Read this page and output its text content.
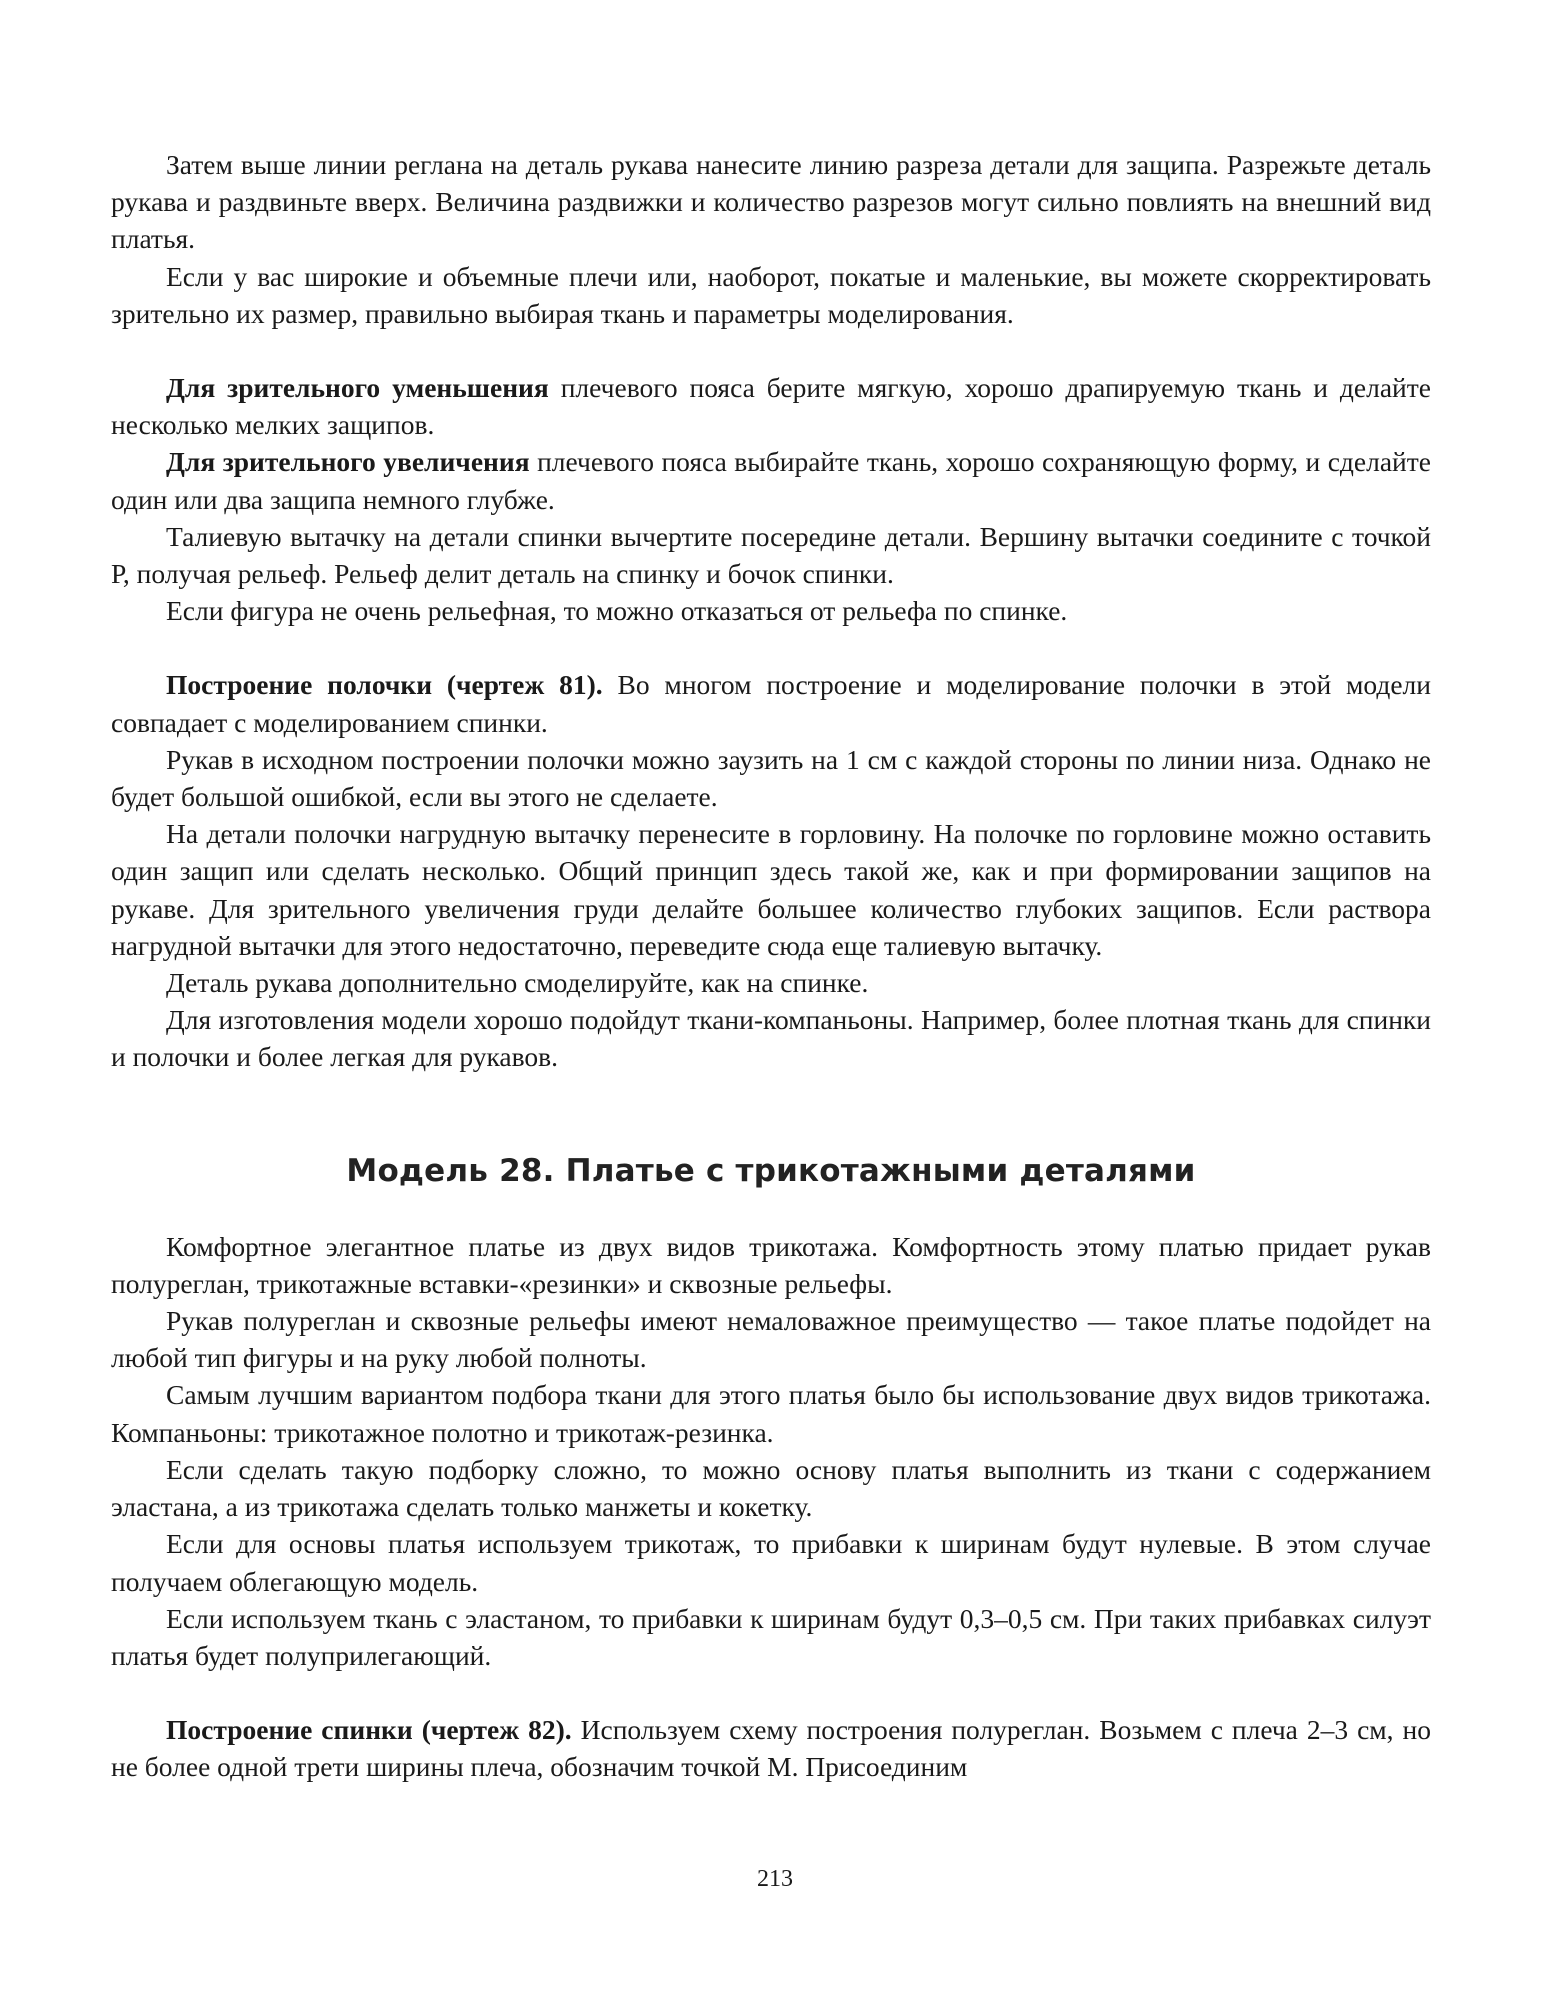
Затем выше линии реглана на деталь рукава нанесите линию разреза детали для защипа. Разрежьте деталь рукава и раздвиньте вверх. Величина раздвижки и количество разрезов могут сильно повлиять на внешний вид платья.

Если у вас широкие и объемные плечи или, наоборот, покатые и маленькие, вы можете скорректировать зрительно их размер, правильно выбирая ткань и параметры моделирования.

Для зрительного уменьшения плечевого пояса берите мягкую, хорошо драпируемую ткань и делайте несколько мелких защипов.

Для зрительного увеличения плечевого пояса выбирайте ткань, хорошо сохраняющую форму, и сделайте один или два защипа немного глубже.

Талиевую вытачку на детали спинки вычертите посередине детали. Вершину вытачки соедините с точкой Р, получая рельеф. Рельеф делит деталь на спинку и бочок спинки.

Если фигура не очень рельефная, то можно отказаться от рельефа по спинке.

Построение полочки (чертеж 81). Во многом построение и моделирование полочки в этой модели совпадает с моделированием спинки.

Рукав в исходном построении полочки можно заузить на 1 см с каждой стороны по линии низа. Однако не будет большой ошибкой, если вы этого не сделаете.

На детали полочки нагрудную вытачку перенесите в горловину. На полочке по горловине можно оставить один защип или сделать несколько. Общий принцип здесь такой же, как и при формировании защипов на рукаве. Для зрительного увеличения груди делайте большее количество глубоких защипов. Если раствора нагрудной вытачки для этого недостаточно, переведите сюда еще талиевую вытачку.

Деталь рукава дополнительно смоделируйте, как на спинке.

Для изготовления модели хорошо подойдут ткани-компаньоны. Например, более плотная ткань для спинки и полочки и более легкая для рукавов.

Модель 28. Платье с трикотажными деталями

Комфортное элегантное платье из двух видов трикотажа. Комфортность этому платью придает рукав полуреглан, трикотажные вставки-«резинки» и сквозные рельефы.

Рукав полуреглан и сквозные рельефы имеют немаловажное преимущество — такое платье подойдет на любой тип фигуры и на руку любой полноты.

Самым лучшим вариантом подбора ткани для этого платья было бы использование двух видов трикотажа. Компаньоны: трикотажное полотно и трикотаж-резинка.

Если сделать такую подборку сложно, то можно основу платья выполнить из ткани с содержанием эластана, а из трикотажа сделать только манжеты и кокетку.

Если для основы платья используем трикотаж, то прибавки к ширинам будут нулевые. В этом случае получаем облегающую модель.

Если используем ткань с эластаном, то прибавки к ширинам будут 0,3–0,5 см. При таких прибавках силуэт платья будет полуприлегающий.

Построение спинки (чертеж 82). Используем схему построения полуреглан. Возьмем с плеча 2–3 см, но не более одной трети ширины плеча, обозначим точкой М. Присоединим

213
